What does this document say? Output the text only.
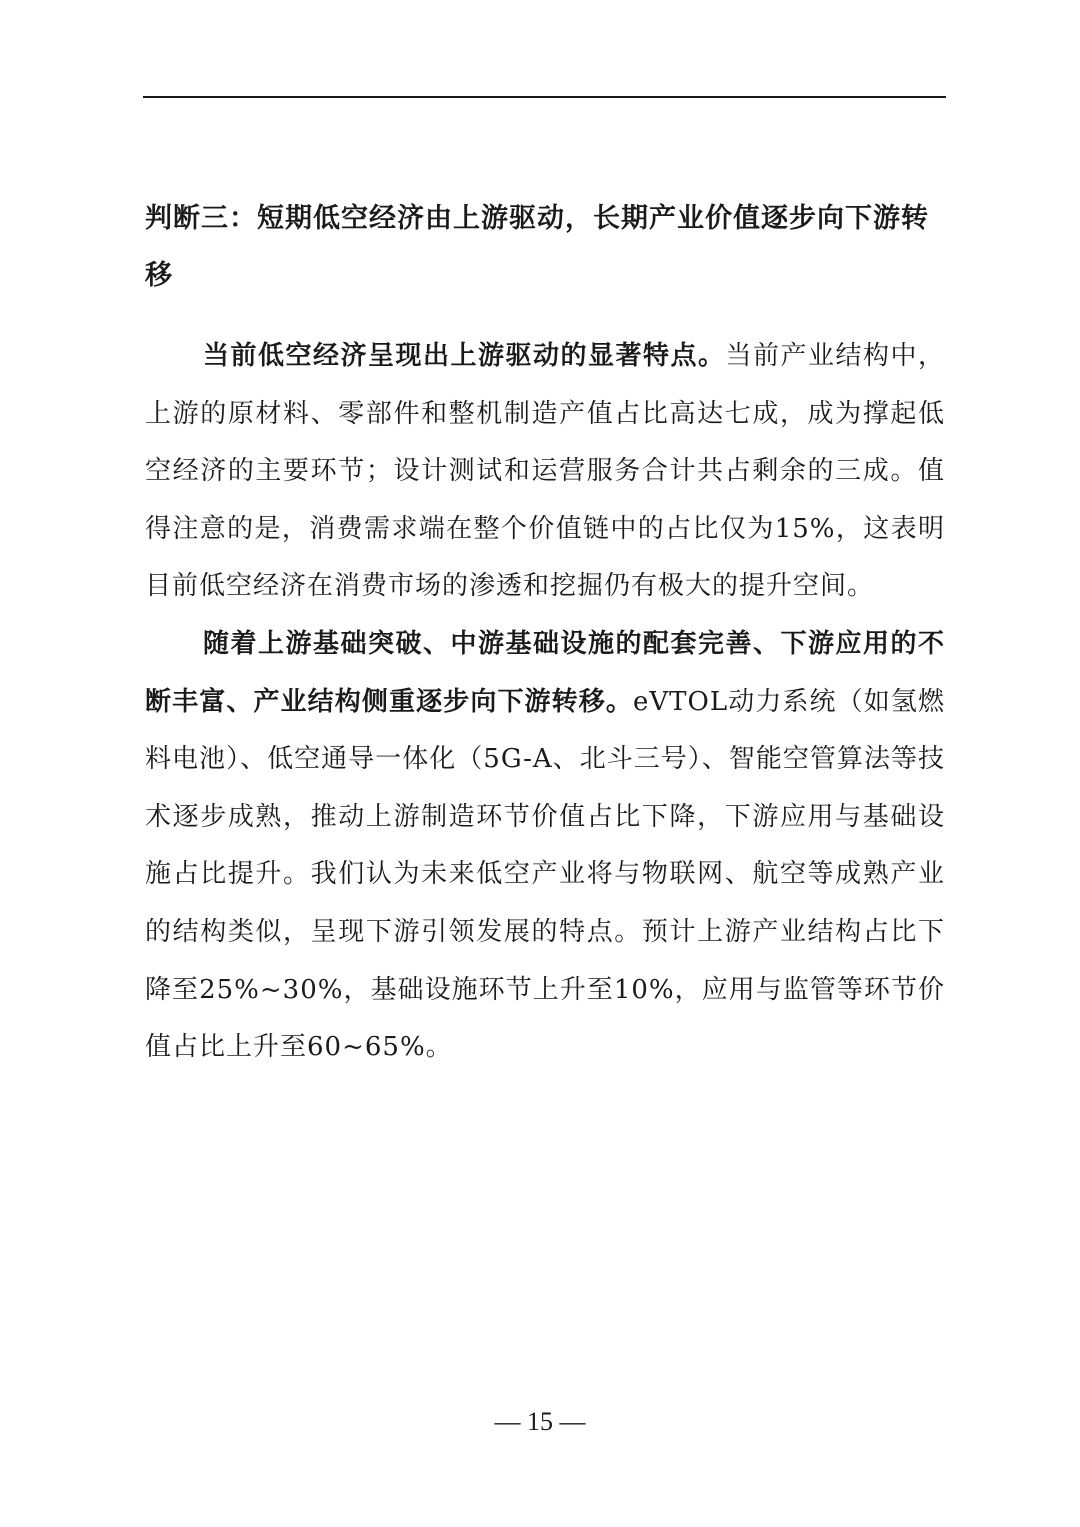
判断三：短期低空经济由上游驱动，长期产业价值逐步向下游转移

当前低空经济呈现出上游驱动的显著特点。当前产业结构中，上游的原材料、零部件和整机制造产值占比高达七成，成为撑起低空经济的主要环节；设计测试和运营服务合计共占剩余的三成。值得注意的是，消费需求端在整个价值链中的占比仅为15%，这表明目前低空经济在消费市场的渗透和挖掘仍有极大的提升空间。

随着上游基础突破、中游基础设施的配套完善、下游应用的不断丰富、产业结构侧重逐步向下游转移。eVTOL动力系统（如氢燃料电池）、低空通导一体化（5G-A、北斗三号）、智能空管算法等技术逐步成熟，推动上游制造环节价值占比下降，下游应用与基础设施占比提升。我们认为未来低空产业将与物联网、航空等成熟产业的结构类似，呈现下游引领发展的特点。预计上游产业结构占比下降至25%~30%，基础设施环节上升至10%，应用与监管等环节价值占比上升至60~65%。

— 15 —
